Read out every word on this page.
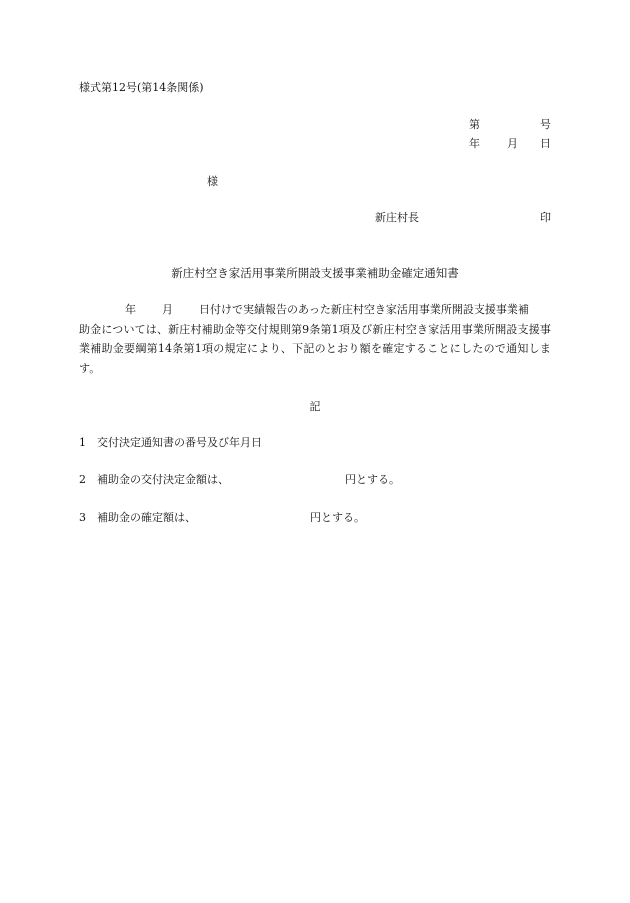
様式第12号(第14条関係)
第	号
年 月 日
様
新庄村長	印
新庄村空き家活用事業所開設支援事業補助金確定通知書
年 月 日付けで実績報告のあった新庄村空き家活用事業所開設支援事業補
助金については、新庄村補助金等交付規則第9条第1項及び新庄村空き家活用事業所開設支援事業補助金要綱第14条第1項の規定により、下記のとおり額を確定することにしたので通知します。
記
1 交付決定通知書の番号及び年月日
2 補助金の交付決定金額は、	円とする。
3 補助金の確定額は、	円とする。
